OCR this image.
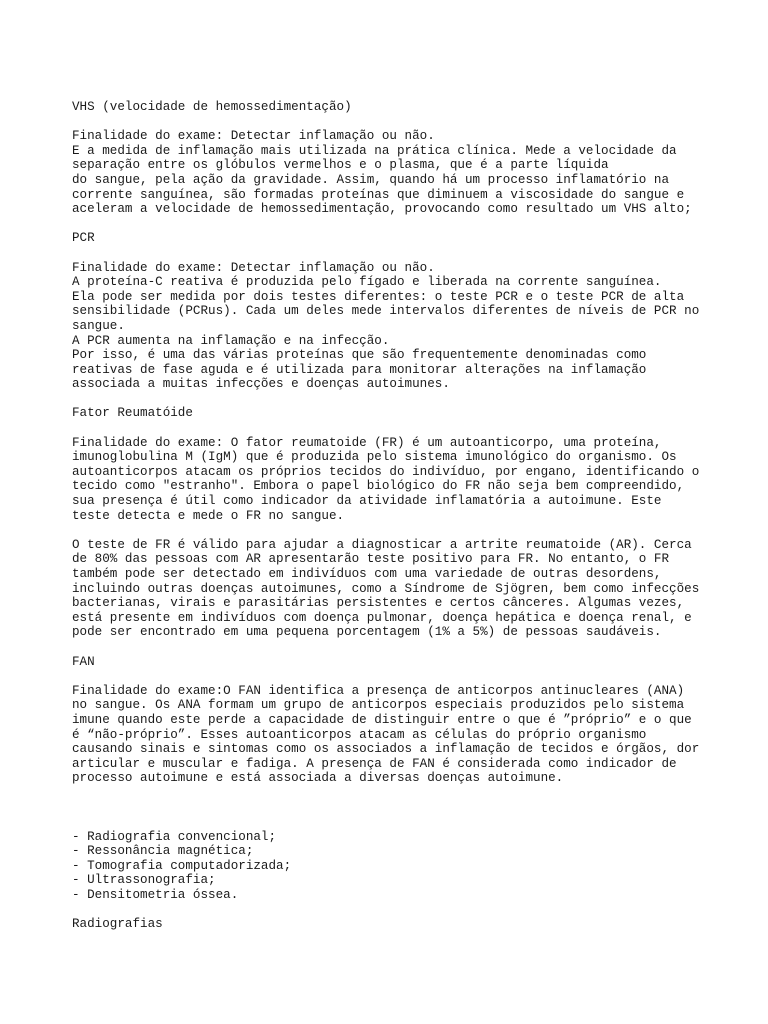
VHS (velocidade de hemossedimentação)
Finalidade do exame: Detectar inflamação ou não.
E a medida de inflamação mais utilizada na prática clínica. Mede a velocidade da
separação entre os glóbulos vermelhos e o plasma, que é a parte líquida
do sangue, pela ação da gravidade. Assim, quando há um processo inflamatório na
corrente sanguínea, são formadas proteínas que diminuem a viscosidade do sangue e
aceleram a velocidade de hemossedimentação, provocando como resultado um VHS alto;
PCR
Finalidade do exame: Detectar inflamação ou não.
A proteína-C reativa é produzida pelo fígado e liberada na corrente sanguínea.
Ela pode ser medida por dois testes diferentes: o teste PCR e o teste PCR de alta
sensibilidade (PCRus). Cada um deles mede intervalos diferentes de níveis de PCR no
sangue.
A PCR aumenta na inflamação e na infecção.
Por isso, é uma das várias proteínas que são frequentemente denominadas como
reativas de fase aguda e é utilizada para monitorar alterações na inflamação
associada a muitas infecções e doenças autoimunes.
Fator Reumatóide
Finalidade do exame: O fator reumatoide (FR) é um autoanticorpo, uma proteína,
imunoglobulina M (IgM) que é produzida pelo sistema imunológico do organismo. Os
autoanticorpos atacam os próprios tecidos do indivíduo, por engano, identificando o
tecido como "estranho". Embora o papel biológico do FR não seja bem compreendido,
sua presença é útil como indicador da atividade inflamatória a autoimune. Este
teste detecta e mede o FR no sangue.
O teste de FR é válido para ajudar a diagnosticar a artrite reumatoide (AR). Cerca
de 80% das pessoas com AR apresentarão teste positivo para FR. No entanto, o FR
também pode ser detectado em indivíduos com uma variedade de outras desordens,
incluindo outras doenças autoimunes, como a Síndrome de Sjögren, bem como infecções
bacterianas, virais e parasitárias persistentes e certos cânceres. Algumas vezes,
está presente em indivíduos com doença pulmonar, doença hepática e doença renal, e
pode ser encontrado em uma pequena porcentagem (1% a 5%) de pessoas saudáveis.
FAN
Finalidade do exame:O FAN identifica a presença de anticorpos antinucleares (ANA)
no sangue. Os ANA formam um grupo de anticorpos especiais produzidos pelo sistema
imune quando este perde a capacidade de distinguir entre o que é ”próprio” e o que
é “não-próprio”. Esses autoanticorpos atacam as células do próprio organismo
causando sinais e sintomas como os associados a inflamação de tecidos e órgãos, dor
articular e muscular e fadiga. A presença de FAN é considerada como indicador de
processo autoimune e está associada a diversas doenças autoimune.
- Radiografia convencional;
- Ressonância magnética;
- Tomografia computadorizada;
- Ultrassonografia;
- Densitometria óssea.
Radiografias
